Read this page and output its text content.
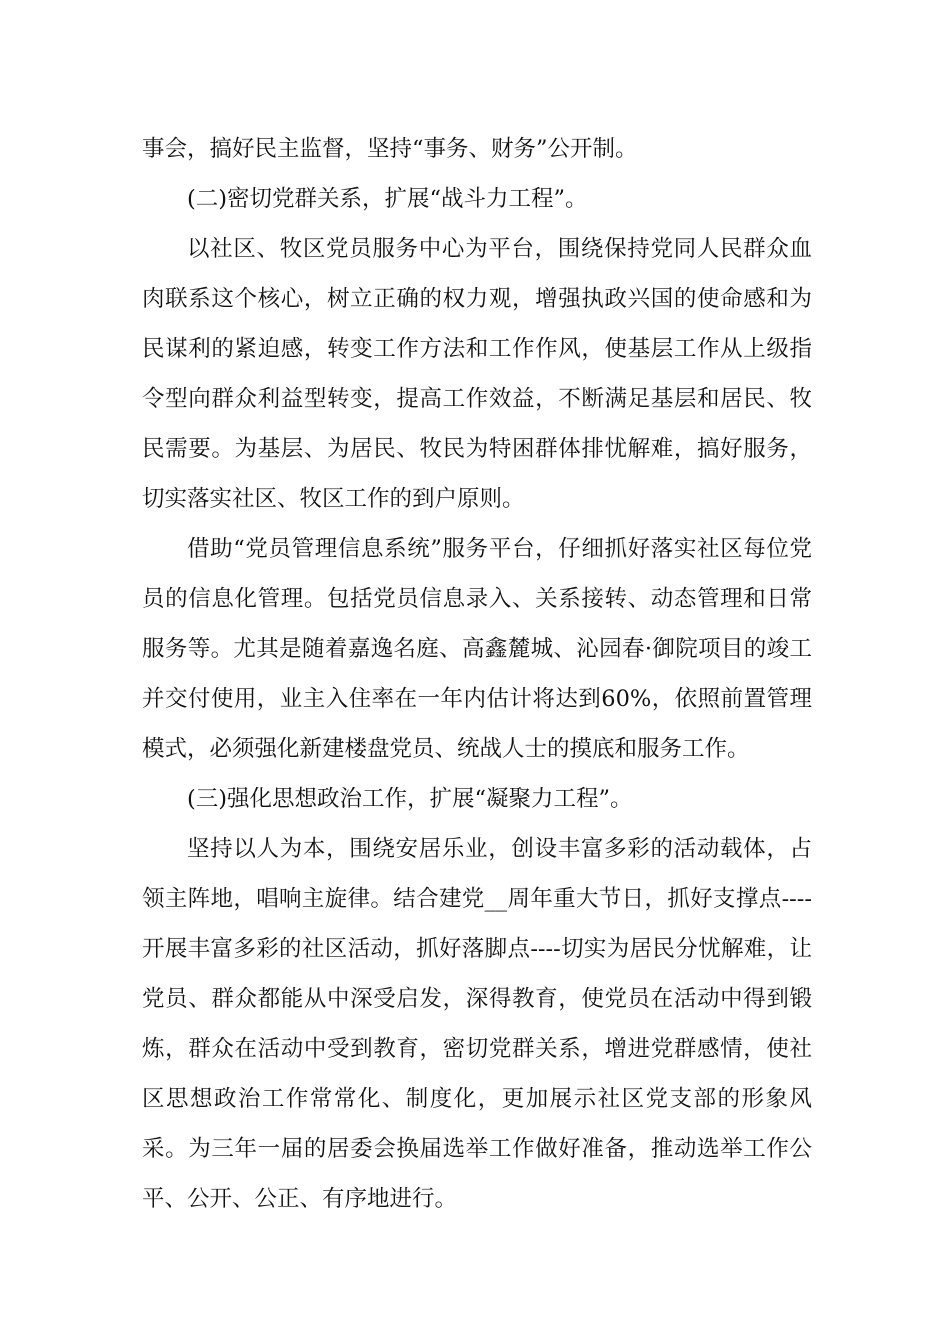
事会，搞好民主监督，坚持“事务、财务”公开制。

(二)密切党群关系，扩展“战斗力工程”。

以社区、牧区党员服务中心为平台，围绕保持党同人民群众血肉联系这个核心，树立正确的权力观，增强执政兴国的使命感和为民谋利的紧迫感，转变工作方法和工作作风，使基层工作从上级指令型向群众利益型转变，提高工作效益，不断满足基层和居民、牧民需要。为基层、为居民、牧民为特困群体排忧解难，搞好服务，切实落实社区、牧区工作的到户原则。

借助“党员管理信息系统”服务平台，仔细抓好落实社区每位党员的信息化管理。包括党员信息录入、关系接转、动态管理和日常服务等。尤其是随着嘉逸名庭、高鑫麓城、沁园春·御院项目的竣工并交付使用，业主入住率在一年内估计将达到60%，依照前置管理模式，必须强化新建楼盘党员、统战人士的摸底和服务工作。

(三)强化思想政治工作，扩展“凝聚力工程”。

坚持以人为本，围绕安居乐业，创设丰富多彩的活动载体，占领主阵地，唱响主旋律。结合建党__周年重大节日，抓好支撑点----开展丰富多彩的社区活动，抓好落脚点----切实为居民分忧解难，让党员、群众都能从中深受启发，深得教育，使党员在活动中得到锻炼，群众在活动中受到教育，密切党群关系，增进党群感情，使社区思想政治工作常常化、制度化，更加展示社区党支部的形象风采。为三年一届的居委会换届选举工作做好准备，推动选举工作公平、公开、公正、有序地进行。
